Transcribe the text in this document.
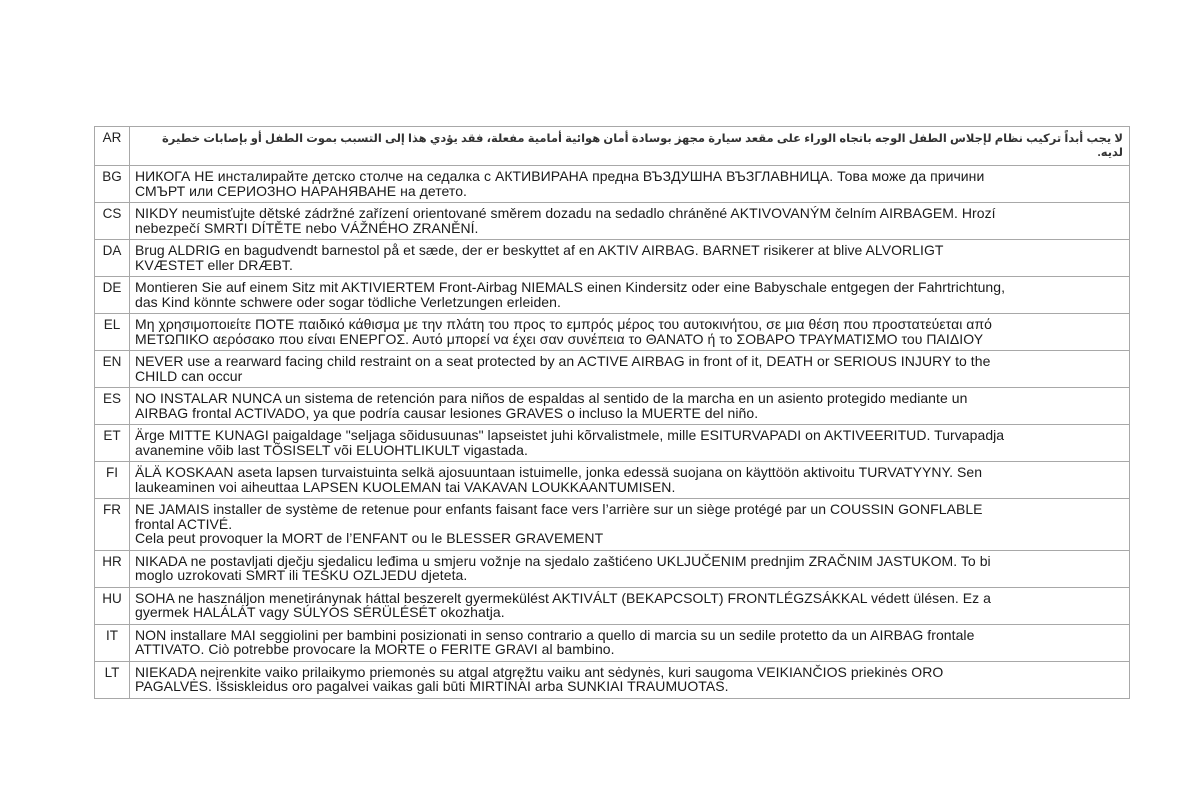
AR	لا يجب أبداً تركيب نظام لإجلاس الطفل الوجه باتجاه الوراء على مقعد سيارة مجهز بوسادة أمان هوائية أمامية مفعلة، فقد يؤدي هذا إلى التسبب بموت الطفل أو بإصابات خطيرة لديه.

BG	НИКОГА НЕ инсталирайте детско столче на седалка с АКТИВИРАНА предна ВЪЗДУШНА ВЪЗГЛАВНИЦА. Това може да причини
СМЪРТ или СЕРИОЗНО НАРАНЯВАНЕ на детето.

CS	NIKDY neumisťujte dětské zádržné zařízení orientované směrem dozadu na sedadlo chráněné AKTIVOVANÝM čelním AIRBAGEM. Hrozí
nebezpečí SMRTI DÍTĚTE nebo VÁŽNÉHO ZRANĚNÍ.

DA	Brug ALDRIG en bagudvendt barnestol på et sæde, der er beskyttet af en AKTIV AIRBAG. BARNET risikerer at blive ALVORLIGT
KVÆSTET eller DRÆBT.

DE	Montieren Sie auf einem Sitz mit AKTIVIERTEM Front-Airbag NIEMALS einen Kindersitz oder eine Babyschale entgegen der Fahrtrichtung,
das Kind könnte schwere oder sogar tödliche Verletzungen erleiden.

EL	Μη χρησιμοποιείτε ΠΟΤΕ παιδικό κάθισμα με την πλάτη του προς το εμπρός μέρος του αυτοκινήτου, σε μια θέση που προστατεύεται από
ΜΕΤΩΠΙΚΟ αερόσακο που είναι ΕΝΕΡΓΟΣ. Αυτό μπορεί να έχει σαν συνέπεια το ΘΑΝΑΤΟ ή το ΣΟΒΑΡΟ ΤΡΑΥΜΑΤΙΣΜΟ του ΠΑΙΔΙΟΥ

EN	NEVER use a rearward facing child restraint on a seat protected by an ACTIVE AIRBAG in front of it, DEATH or SERIOUS INJURY to the
CHILD can occur

ES	NO INSTALAR NUNCA un sistema de retención para niños de espaldas al sentido de la marcha en un asiento protegido mediante un
AIRBAG frontal ACTIVADO, ya que podría causar lesiones GRAVES o incluso la MUERTE del niño.

ET	Ärge MITTE KUNAGI paigaldage "seljaga sõidusuunas" lapseistet juhi kõrvalistmele, mille ESITURVAPADI on AKTIVEERITUD. Turvapadja
avanemine võib last TÕSISELT või ELUOHTLIKULT vigastada.

FI	ÄLÄ KOSKAAN aseta lapsen turvaistuinta selkä ajosuuntaan istuimelle, jonka edessä suojana on käyttöön aktivoitu TURVATYYNY. Sen
laukeaminen voi aiheuttaa LAPSEN KUOLEMAN tai VAKAVAN LOUKKAANTUMISEN.

FR	NE JAMAIS installer de système de retenue pour enfants faisant face vers l’arrière sur un siège protégé par un COUSSIN GONFLABLE
frontal ACTIVÉ.
Cela peut provoquer la MORT de l’ENFANT ou le BLESSER GRAVEMENT

HR	NIKADA ne postavljati dječju sjedalicu leđima u smjeru vožnje na sjedalo zaštićeno UKLJUČENIM prednjim ZRAČNIM JASTUKOM. To bi
moglo uzrokovati SMRT ili TEŠKU OZLJEDU djeteta.

HU	SOHA ne használjon menetiránynak háttal beszerelt gyermekülést AKTIVÁLT (BEKAPCSOLT) FRONTLÉGZSÁKKAL védett ülésen. Ez a
gyermek HALÁLÁT vagy SÚLYOS SÉRÜLÉSÉT okozhatja.

IT	NON installare MAI seggiolini per bambini posizionati in senso contrario a quello di marcia su un sedile protetto da un AIRBAG frontale
ATTIVATO. Ciò potrebbe provocare la MORTE o FERITE GRAVI al bambino.

LT	NIEKADA neįrenkite vaiko prilaikymo priemonės su atgal atgręžtu vaiku ant sėdynės, kuri saugoma VEIKIANČIOS priekinės ORO
PAGALVĖS. Išsiskleidus oro pagalvei vaikas gali būti MIRTINAI arba SUNKIAI TRAUMUOTAS.
